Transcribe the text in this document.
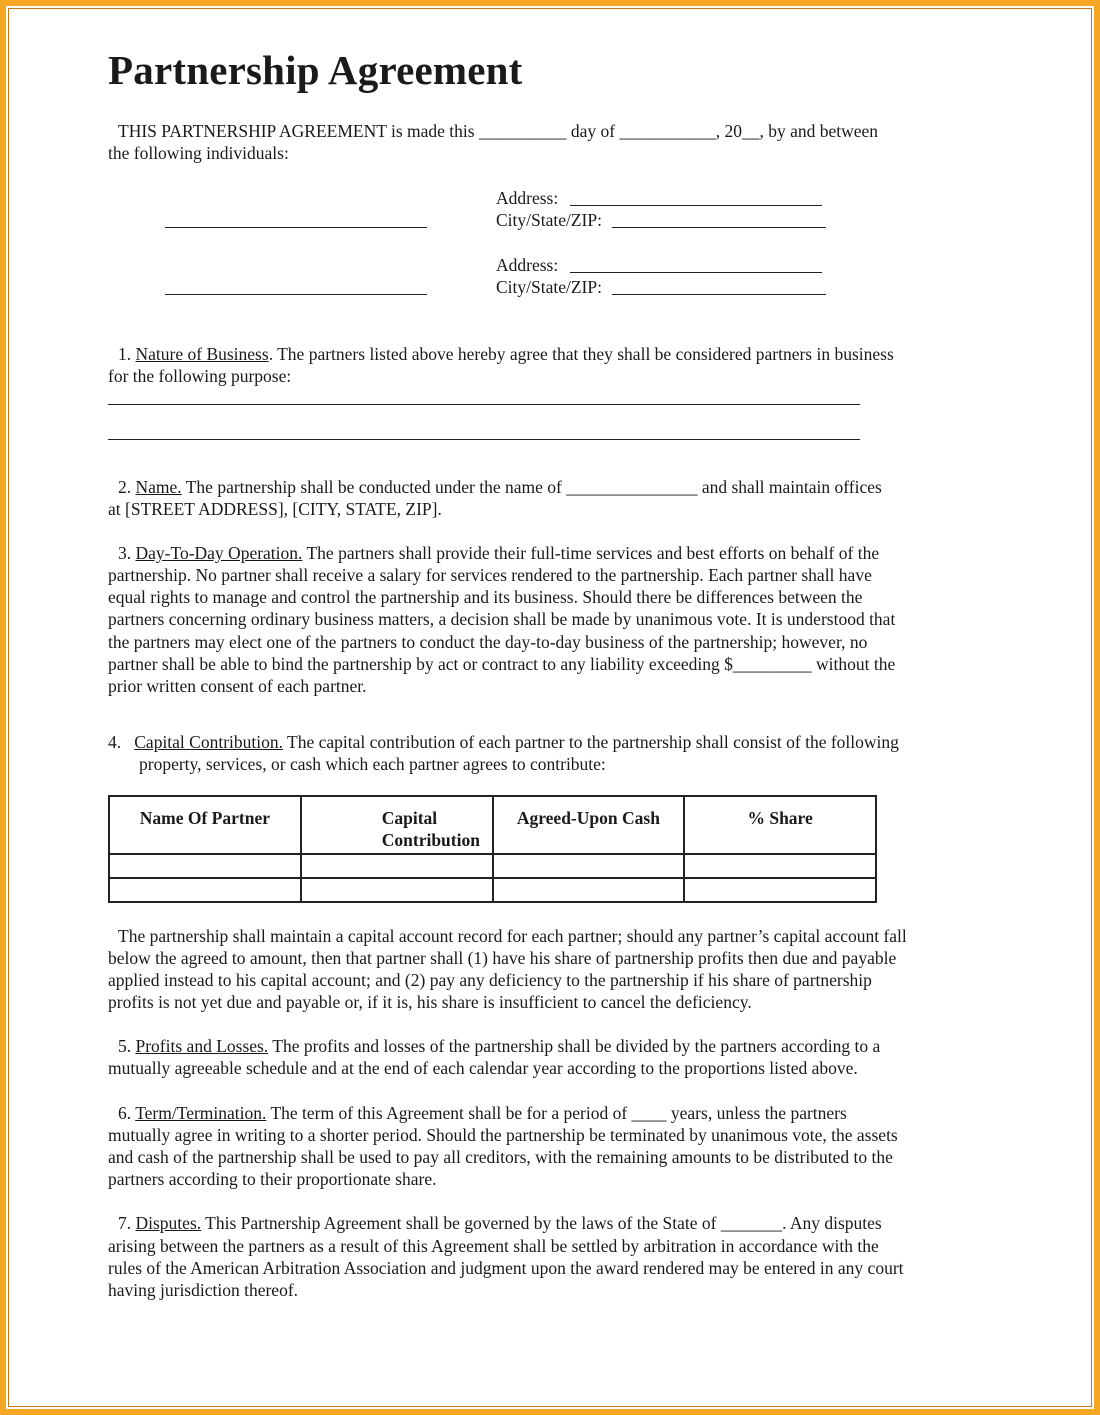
Partnership Agreement
THIS PARTNERSHIP AGREEMENT is made this __________ day of ___________, 20__, by and between
the following individuals:
Address:
City/State/ZIP:
Address:
City/State/ZIP:
1. Nature of Business. The partners listed above hereby agree that they shall be considered partners in business
for the following purpose:
2. Name. The partnership shall be conducted under the name of _______________ and shall maintain offices
at [STREET ADDRESS], [CITY, STATE, ZIP].
3. Day-To-Day Operation. The partners shall provide their full-time services and best efforts on behalf of the
partnership. No partner shall receive a salary for services rendered to the partnership. Each partner shall have
equal rights to manage and control the partnership and its business. Should there be differences between the
partners concerning ordinary business matters, a decision shall be made by unanimous vote. It is understood that
the partners may elect one of the partners to conduct the day-to-day business of the partnership; however, no
partner shall be able to bind the partnership by act or contract to any liability exceeding $_________ without the
prior written consent of each partner.
4. Capital Contribution. The capital contribution of each partner to the partnership shall consist of the following
property, services, or cash which each partner agrees to contribute:
Name Of Partner	Capital Contribution	Agreed-Upon Cash	% Share

The partnership shall maintain a capital account record for each partner; should any partner’s capital account fall
below the agreed to amount, then that partner shall (1) have his share of partnership profits then due and payable
applied instead to his capital account; and (2) pay any deficiency to the partnership if his share of partnership
profits is not yet due and payable or, if it is, his share is insufficient to cancel the deficiency.
5. Profits and Losses. The profits and losses of the partnership shall be divided by the partners according to a
mutually agreeable schedule and at the end of each calendar year according to the proportions listed above.
6. Term/Termination. The term of this Agreement shall be for a period of ____ years, unless the partners
mutually agree in writing to a shorter period. Should the partnership be terminated by unanimous vote, the assets
and cash of the partnership shall be used to pay all creditors, with the remaining amounts to be distributed to the
partners according to their proportionate share.
7. Disputes. This Partnership Agreement shall be governed by the laws of the State of _______. Any disputes
arising between the partners as a result of this Agreement shall be settled by arbitration in accordance with the
rules of the American Arbitration Association and judgment upon the award rendered may be entered in any court
having jurisdiction thereof.
